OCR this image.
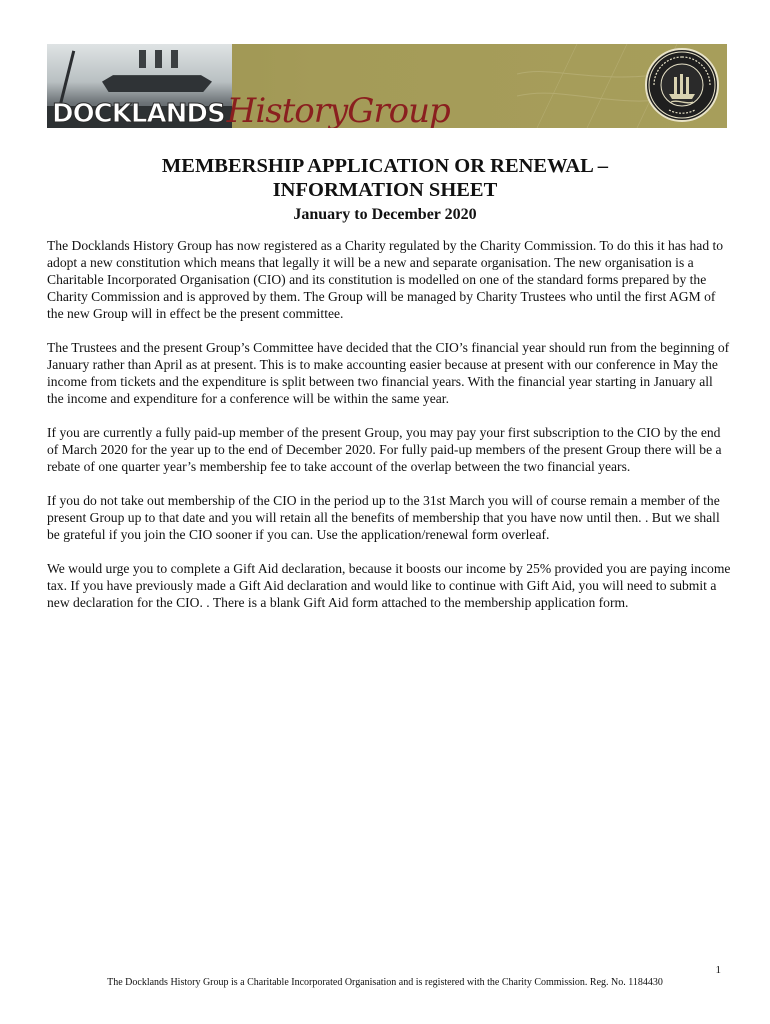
DOCKLANDS HistoryGroup
MEMBERSHIP APPLICATION OR RENEWAL –
INFORMATION SHEET
January to December 2020

The Docklands History Group has now registered as a Charity regulated by the Charity Commission. To do this it has had to adopt a new constitution which means that legally it will be a new and separate organisation. The new organisation is a Charitable Incorporated Organisation (CIO) and its constitution is modelled on one of the standard forms prepared by the Charity Commission and is approved by them. The Group will be managed by Charity Trustees who until the first AGM of the new Group will in effect be the present committee.

The Trustees and the present Group’s Committee have decided that the CIO’s financial year should run from the beginning of January rather than April as at present. This is to make accounting easier because at present with our conference in May the income from tickets and the expenditure is split between two financial years. With the financial year starting in January all the income and expenditure for a conference will be within the same year.

If you are currently a fully paid-up member of the present Group, you may pay your first subscription to the CIO by the end of March 2020 for the year up to the end of December 2020. For fully paid-up members of the present Group there will be a rebate of one quarter year’s membership fee to take account of the overlap between the two financial years.

If you do not take out membership of the CIO in the period up to the 31st March you will of course remain a member of the present Group up to that date and you will retain all the benefits of membership that you have now until then. . But we shall be grateful if you join the CIO sooner if you can. Use the application/renewal form overleaf.

We would urge you to complete a Gift Aid declaration, because it boosts our income by 25% provided you are paying income tax. If you have previously made a Gift Aid declaration and would like to continue with Gift Aid, you will need to submit a new declaration for the CIO. . There is a blank Gift Aid form attached to the membership application form.

1
The Docklands History Group is a Charitable Incorporated Organisation and is registered with the Charity Commission. Reg. No. 1184430
